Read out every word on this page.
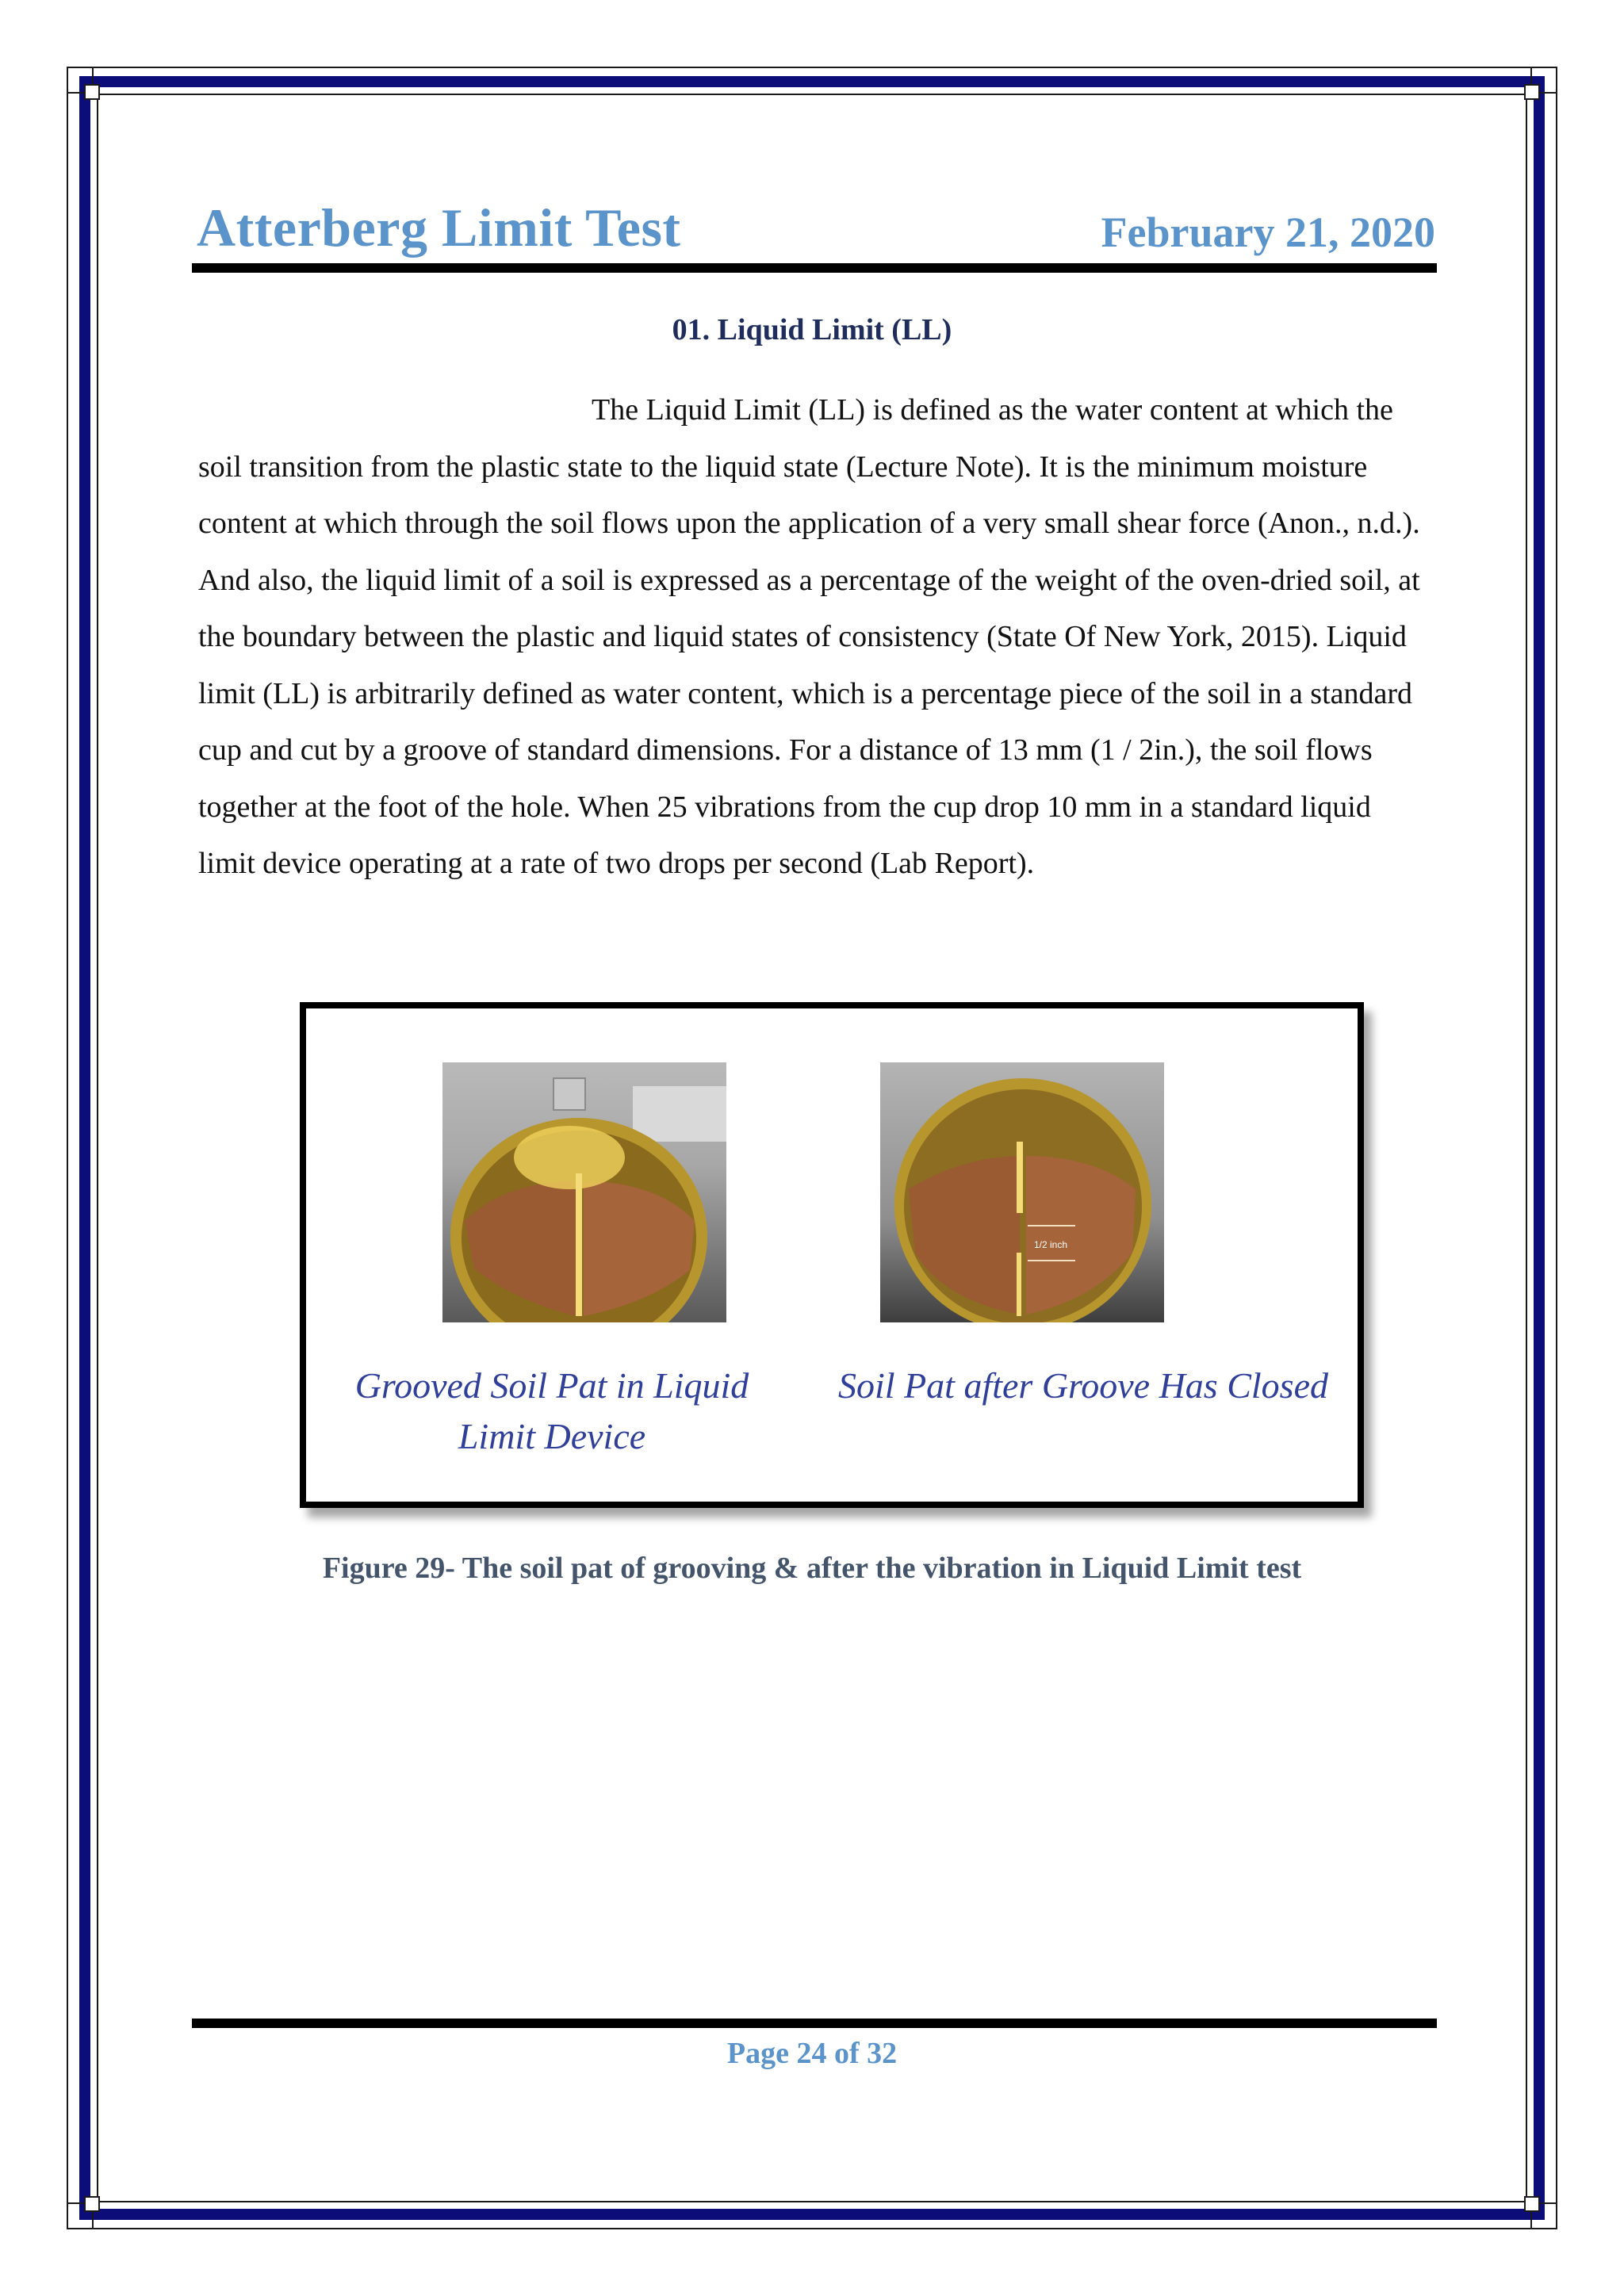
Atterberg Limit Test	February 21, 2020
01. Liquid Limit (LL)

The Liquid Limit (LL) is defined as the water content at which the soil transition from the plastic state to the liquid state (Lecture Note). It is the minimum moisture content at which through the soil flows upon the application of a very small shear force (Anon., n.d.). And also, the liquid limit of a soil is expressed as a percentage of the weight of the oven-dried soil, at the boundary between the plastic and liquid states of consistency (State Of New York, 2015). Liquid limit (LL) is arbitrarily defined as water content, which is a percentage piece of the soil in a standard cup and cut by a groove of standard dimensions. For a distance of 13 mm (1 / 2in.), the soil flows together at the foot of the hole. When 25 vibrations from the cup drop 10 mm in a standard liquid limit device operating at a rate of two drops per second (Lab Report).

1/2 inch
Grooved Soil Pat in Liquid Limit Device
Soil Pat after Groove Has Closed
Figure 29- The soil pat of grooving & after the vibration in Liquid Limit test
Page 24 of 32
